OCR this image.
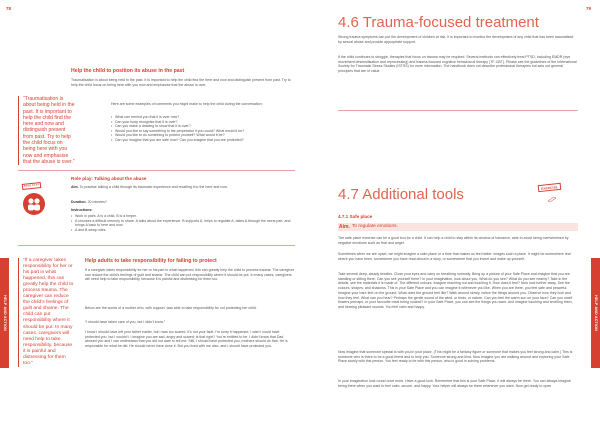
78
HELP AND ACTION
Help the child to position its abuse in the past
Traumatisation is about being held in the past. It is important to help the child find the here and now and distinguish present from past. Try to help the child focus on being here with you now and emphasise that the abuse is over.
“Traumatisation is about being held in the past. It is important to help the child find the here and now and distinguish present from past. Try to help the child focus on being here with you now and emphasise that the abuse is over.”
Here are some examples of comments you might make to help the child during the conversation:
• What can remind you that it is over now?
• Can your body recognise that it is over?
• Can you make a drawing to show that it is over?
• Would you like to say something to the perpetrator if you could? What would it be?
• Would you like to do something to protect yourself? What would it be?
• Can you imagine that you are safe now? Can you imagine that you are protected?
ROLE PLAY
Role play: Talking about the abuse
Aim. To practise talking a child through its traumatic experience and recalling it to the here and now.
Duration. 20 minutes?
Instructions:
• Work in pairs. A is a child, B is a helper.
• A chooses a difficult memory to share. A talks about the experience. B supports A, helps to regulate A, takes A through the worst part, and brings A back to here and now.
• A and B swap roles.
“If a caregiver takes responsibility for her or his part in what happened, this can greatly help the child to process trauma. The caregiver can reduce the child’s feelings of guilt and shame. The child can put responsibility where it should be put. In many cases, caregivers will need help to take responsibility, because it is painful and distressing for them too.”
Help adults to take responsibility for failing to protect
If a caregiver takes responsibility for her or his part in what happened, this can greatly help the child to process trauma. The caregiver can reduce the child’s feelings of guilt and shame. The child can put responsibility where it should be put. In many cases, caregivers will need help to take responsibility, because it is painful and distressing for them too.
Below are the words of a mother who, with support, was able to take responsibility for not protecting her child.
“I should have taken care of you, but I didn’t know.”
I know I should have left your father earlier, but I was too scared. It’s not your fault. I’m sorry it happened. I wish I could have protected you, but I couldn’t. I imagine you are sad, angry and scared; is that right? You’re entitled to be. I didn’t know that Dad abused you and I can understand that you did not dare to tell me. Still, I should have protected you, mothers should do that. He is responsible for what he did. He should never have done it. But you lived with me also, and I should have protected you.
79
HELP AND ACTION
4.6 Trauma-focused treatment
Strong trauma symptoms can put the development of children at risk. It is important to monitor the development of any child that has been traumatised by sexual abuse and provide appropriate support.
If the child continues to struggle, therapies that focus on trauma may be required. Several methods can effectively treat PTSD, including EMDR (eye movement desensitisation and reprocessing) and trauma-focused cognitive behavioural therapy (TF-CBT). Please see the guidelines of the International Society for Traumatic Stress Studies (ISTSS) for more information. The handbook does not describe professional therapies but sets out general principles that are of value.
4.7 Additional tools	EXERCISE
4.7.1 Safe place
Aim. To regulate emotions.
The safe place exercise can be a good tool for a child. It can help a child to stay within its window of tolerance, able to avoid being overwhelmed by negative emotions such as fear and anger.
Sometimes when we are upset, we might imagine a calm place or a time that makes us feel better. Images such a place. It might be somewhere real where you have been, somewhere you have read about in a story, or somewhere that you invent and make up yourself.
Take several deep, steady breaths. Close your eyes and carry on breathing normally. Bring up a picture of your Safe Place and imagine that you are standing or sitting there. Can you see yourself there? In your imagination, look about you. What do you see? What do you see nearby? Take in the details, see the materials it is made of. The different colours. Imagine reaching out and touching it. How does it feel? Now look further away. See the colours, shapes, and shadows. This is your Safe Place and you can imagine it whenever you like. When you are there, you feel safe and peaceful. Imagine your bare feet on the ground. What does the ground feel like? Walk around slowly, notice the things around you. Observe how they look and how they feel. What can you hear? Perhaps the gentle sound of the wind, or birds, or nature. Can you feel the warm sun on your face? Can you smell flowers perhaps, or your favourite meal being cooked? In your Safe Place, you can see the things you want. And imagine touching and smelling them, and hearing pleasant sounds. You feel calm and happy.
Now imagine that someone special is with you in your place. (This might be a fantasy figure or someone that makes you feel strong and calm.) This is someone who is there to be a good friend and to help you. Someone strong and kind. Now imagine you are walking around and exploring your Safe Place slowly with this person. You feel ready to be with this person, who is good in solving problems.
In your imagination look round once more. Have a good look. Remember that this is your Safe Place. It will always be there. You can always imagine being there when you want to feel calm, secure, and happy. Your helper will always be there whenever you want. Now get ready to open
